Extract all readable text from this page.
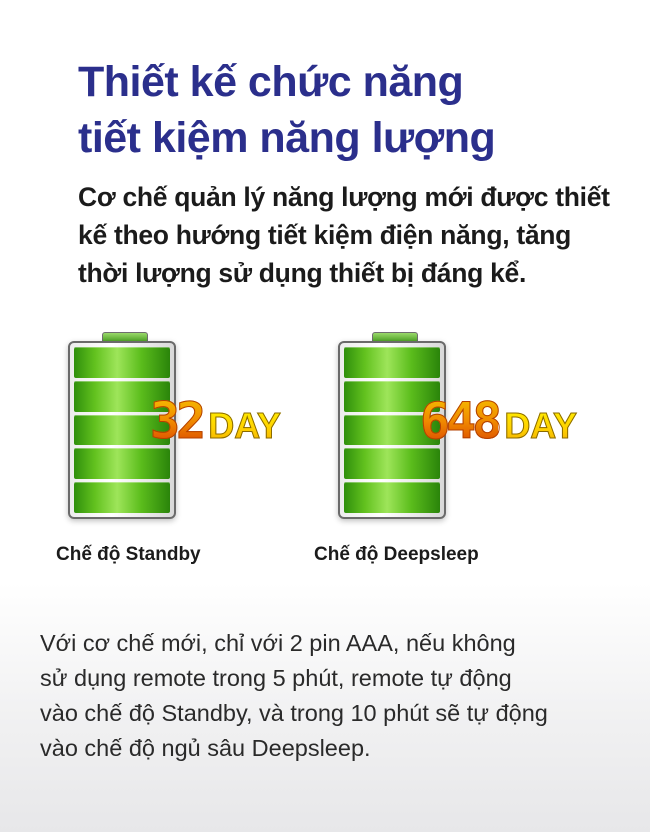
Thiết kế chức năng
tiết kiệm năng lượng
Cơ chế quản lý năng lượng mới được thiết
kế theo hướng tiết kiệm điện năng, tăng
thời lượng sử dụng thiết bị đáng kể.
32 DAY
Chế độ Standby
648 DAY
Chế độ Deepsleep
Với cơ chế mới, chỉ với 2 pin AAA, nếu không
sử dụng remote trong 5 phút, remote tự động
vào chế độ Standby, và trong 10 phút sẽ tự động
vào chế độ ngủ sâu Deepsleep.
